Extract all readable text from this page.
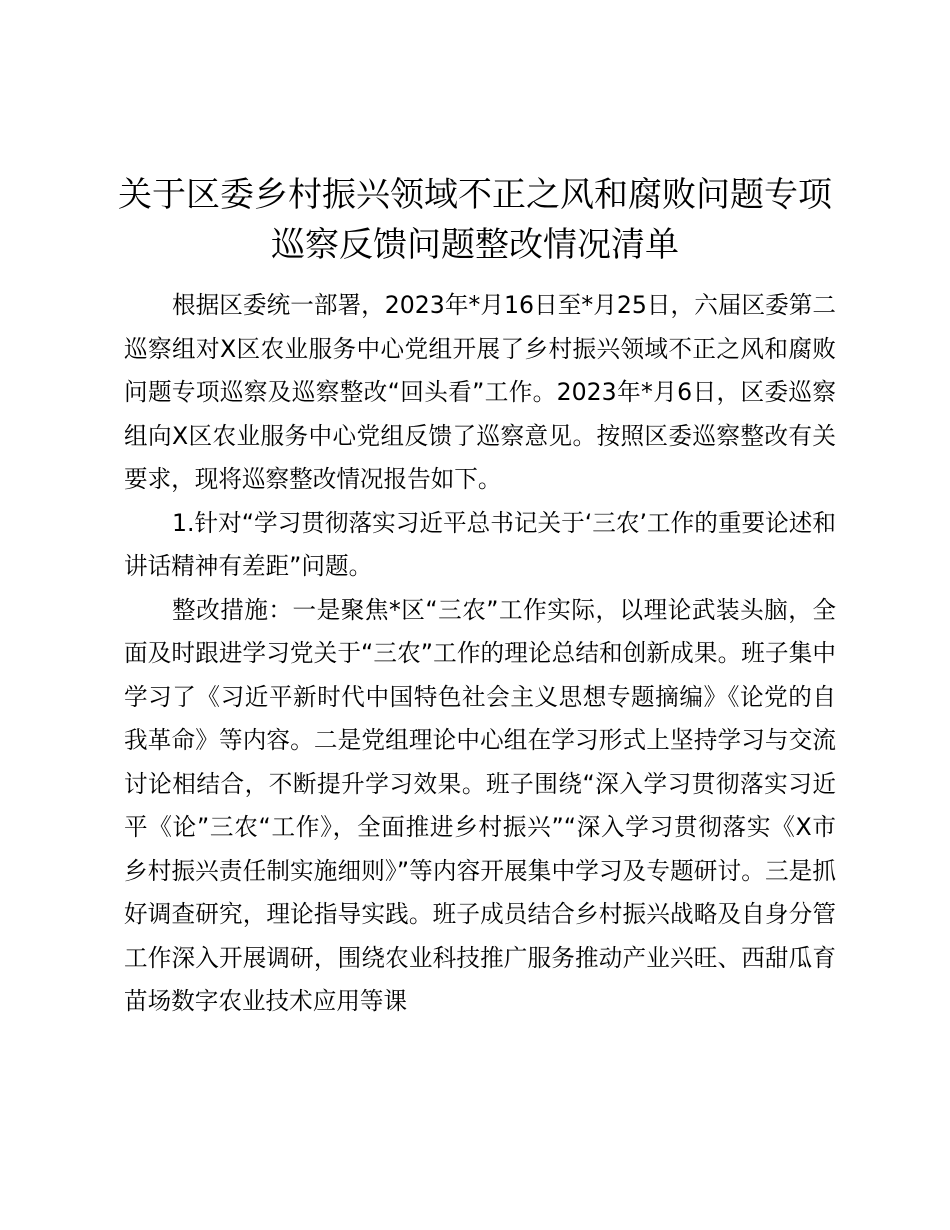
关于区委乡村振兴领域不正之风和腐败问题专项巡察反馈问题整改情况清单

根据区委统一部署，2023年*月16日至*月25日，六届区委第二巡察组对X区农业服务中心党组开展了乡村振兴领域不正之风和腐败问题专项巡察及巡察整改“回头看”工作。2023年*月6日，区委巡察组向X区农业服务中心党组反馈了巡察意见。按照区委巡察整改有关要求，现将巡察整改情况报告如下。

1.针对“学习贯彻落实习近平总书记关于‘三农’工作的重要论述和讲话精神有差距”问题。

整改措施：一是聚焦*区“三农”工作实际，以理论武装头脑，全面及时跟进学习党关于“三农”工作的理论总结和创新成果。班子集中学习了《习近平新时代中国特色社会主义思想专题摘编》《论党的自我革命》等内容。二是党组理论中心组在学习形式上坚持学习与交流讨论相结合，不断提升学习效果。班子围绕“深入学习贯彻落实习近平《论”三农“工作》，全面推进乡村振兴”“深入学习贯彻落实《X市乡村振兴责任制实施细则》”等内容开展集中学习及专题研讨。三是抓好调查研究，理论指导实践。班子成员结合乡村振兴战略及自身分管工作深入开展调研，围绕农业科技推广服务推动产业兴旺、西甜瓜育苗场数字农业技术应用等课
